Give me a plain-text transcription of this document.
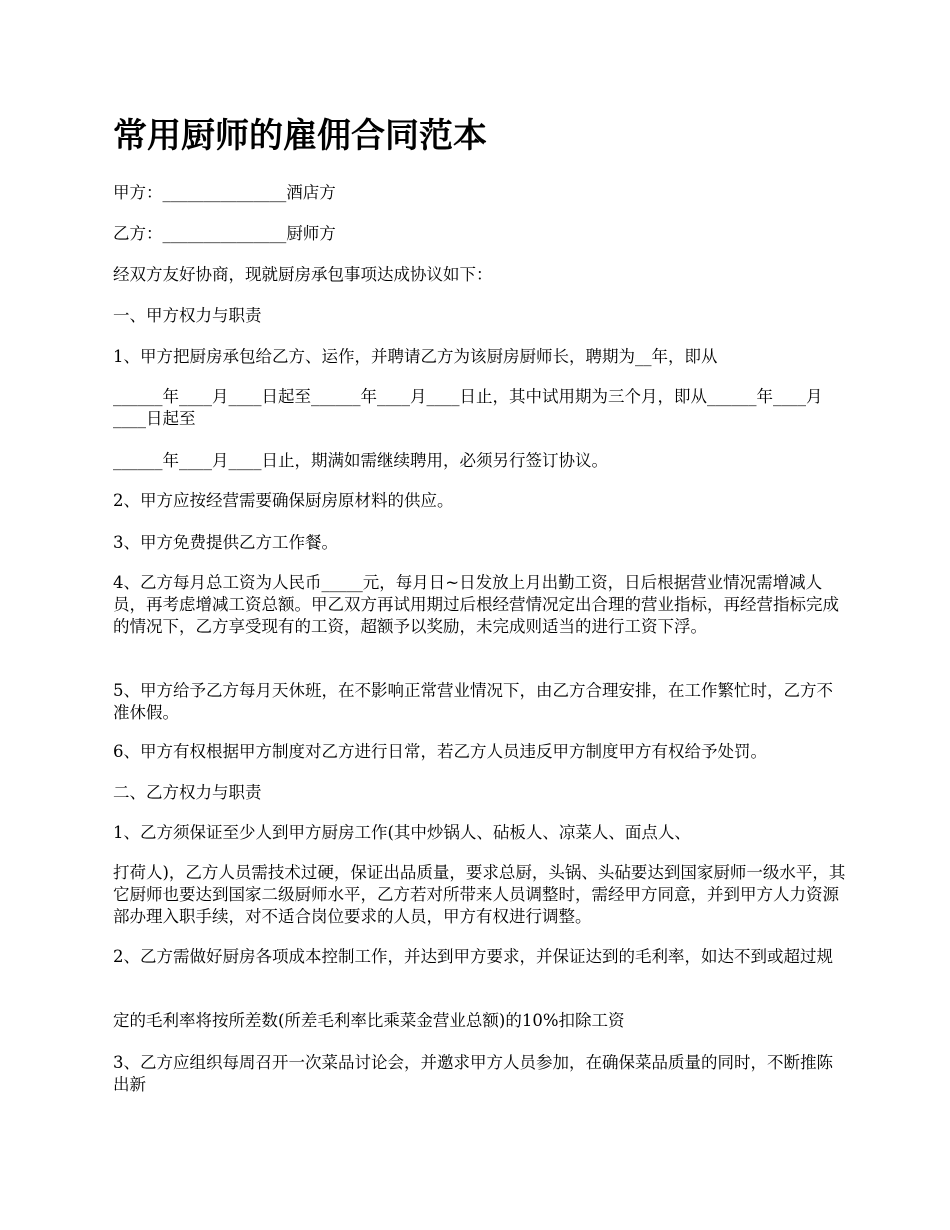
常用厨师的雇佣合同范本

甲方：_______________酒店方

乙方：_______________厨师方

经双方友好协商，现就厨房承包事项达成协议如下：

一、甲方权力与职责

1、甲方把厨房承包给乙方、运作，并聘请乙方为该厨房厨师长，聘期为__年，即从

______年____月____日起至______年____月____日止，其中试用期为三个月，即从______年____月____日起至

______年____月____日止，期满如需继续聘用，必须另行签订协议。

2、甲方应按经营需要确保厨房原材料的供应。

3、甲方免费提供乙方工作餐。

4、乙方每月总工资为人民币_____元，每月日~日发放上月出勤工资，日后根据营业情况需增减人员，再考虑增减工资总额。甲乙双方再试用期过后根经营情况定出合理的营业指标，再经营指标完成的情况下，乙方享受现有的工资，超额予以奖励，未完成则适当的进行工资下浮。

5、甲方给予乙方每月天休班，在不影响正常营业情况下，由乙方合理安排，在工作繁忙时，乙方不准休假。

6、甲方有权根据甲方制度对乙方进行日常，若乙方人员违反甲方制度甲方有权给予处罚。

二、乙方权力与职责

1、乙方须保证至少人到甲方厨房工作(其中炒锅人、砧板人、凉菜人、面点人、

打荷人)，乙方人员需技术过硬，保证出品质量，要求总厨，头锅、头砧要达到国家厨师一级水平，其它厨师也要达到国家二级厨师水平，乙方若对所带来人员调整时，需经甲方同意，并到甲方人力资源部办理入职手续，对不适合岗位要求的人员，甲方有权进行调整。

2、乙方需做好厨房各项成本控制工作，并达到甲方要求，并保证达到的毛利率，如达不到或超过规

定的毛利率将按所差数(所差毛利率比乘菜金营业总额)的10%扣除工资

3、乙方应组织每周召开一次菜品讨论会，并邀求甲方人员参加，在确保菜品质量的同时，不断推陈出新
